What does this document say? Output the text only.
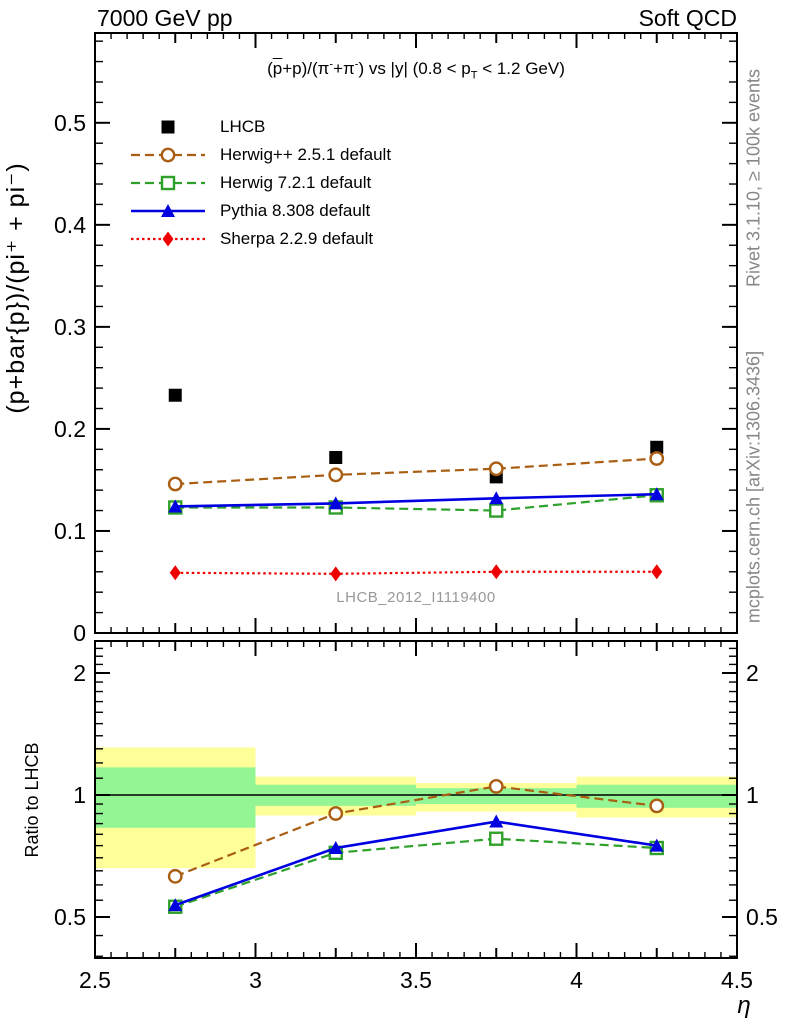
7000 GeV pp	Soft QCD
0
0.1
0.2
0.3
0.4
0.5
0.5	0.5
1	1
2	2
2.5	3	3.5	4	4.5
η
(p+bar{p})/(pi⁺ + pi⁻)
Ratio to LHCB
$(\overline{p}+p)/(\pi^-+\pi^-)$ vs |y| ($0.8 < p_T < 1.2$ GeV)
LHCB
Herwig++ 2.5.1 default
Herwig 7.2.1 default
Pythia 8.308 default
Sherpa 2.2.9 default
LHCB_2012_I1119400
Rivet 3.1.10, ≥ 100k events
mcplots.cern.ch [arXiv:1306.3436]
